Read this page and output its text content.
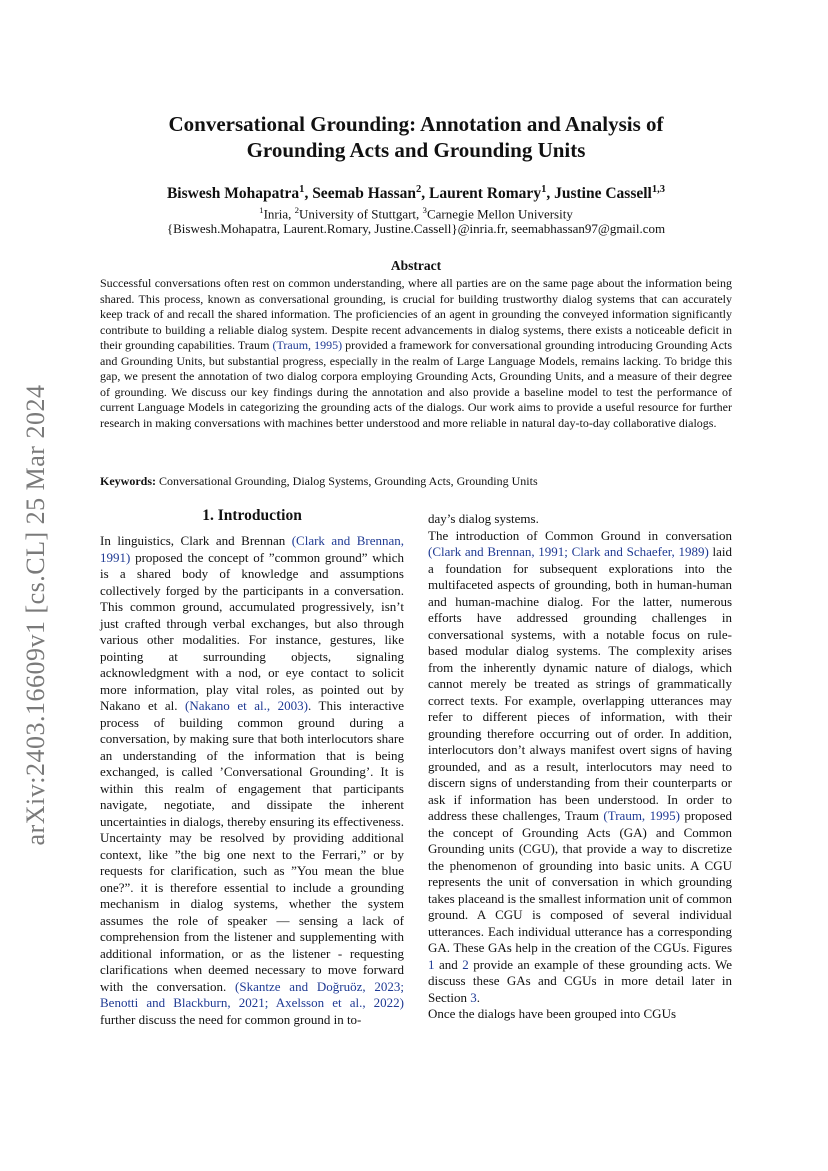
arXiv:2403.16609v1 [cs.CL] 25 Mar 2024
Conversational Grounding: Annotation and Analysis of
Grounding Acts and Grounding Units
Biswesh Mohapatra$^1$, Seemab Hassan$^2$, Laurent Romary$^1$, Justine Cassell$^{1,3}$
$^1$Inria, $^2$University of Stuttgart, $^3$Carnegie Mellon University
{Biswesh.Mohapatra, Laurent.Romary, Justine.Cassell}@inria.fr, seemabhassan97@gmail.com
Abstract
Successful conversations often rest on common understanding, where all parties are on the same page about the information being shared. This process, known as conversational grounding, is crucial for building trustworthy dialog systems that can accurately keep track of and recall the shared information. The proficiencies of an agent in grounding the conveyed information significantly contribute to building a reliable dialog system. Despite recent advancements in dialog systems, there exists a noticeable deficit in their grounding capabilities. Traum (Traum, 1995) provided a framework for conversational grounding introducing Grounding Acts and Grounding Units, but substantial progress, especially in the realm of Large Language Models, remains lacking. To bridge this gap, we present the annotation of two dialog corpora employing Grounding Acts, Grounding Units, and a measure of their degree of grounding. We discuss our key findings during the annotation and also provide a baseline model to test the performance of current Language Models in categorizing the grounding acts of the dialogs. Our work aims to provide a useful resource for further research in making conversations with machines better understood and more reliable in natural day-to-day collaborative dialogs.
Keywords: Conversational Grounding, Dialog Systems, Grounding Acts, Grounding Units
1. Introduction

In linguistics, Clark and Brennan (Clark and Brennan, 1991) proposed the concept of ”common ground” which is a shared body of knowledge and assumptions collectively forged by the participants in a conversation. This common ground, accumulated progressively, isn’t just crafted through verbal exchanges, but also through various other modalities. For instance, gestures, like pointing at surrounding objects, signaling acknowledgment with a nod, or eye contact to solicit more information, play vital roles, as pointed out by Nakano et al. (Nakano et al., 2003). This interactive process of building common ground during a conversation, by making sure that both interlocutors share an understanding of the information that is being exchanged, is called ’Conversational Grounding’. It is within this realm of engagement that participants navigate, negotiate, and dissipate the inherent uncertainties in dialogs, thereby ensuring its effectiveness. Uncertainty may be resolved by providing additional context, like ”the big one next to the Ferrari,” or by requests for clarification, such as ”You mean the blue one?”. it is therefore essential to include a grounding mechanism in dialog systems, whether the system assumes the role of speaker — sensing a lack of comprehension from the listener and supplementing with additional information, or as the listener - requesting clarifications when deemed necessary to move forward with the conversation. (Skantze and Doğruöz, 2023; Benotti and Blackburn, 2021; Axelsson et al., 2022) further discuss the need for common ground in to-

day’s dialog systems.

The introduction of Common Ground in conversation (Clark and Brennan, 1991; Clark and Schaefer, 1989) laid a foundation for subsequent explorations into the multifaceted aspects of grounding, both in human-human and human-machine dialog. For the latter, numerous efforts have addressed grounding challenges in conversational systems, with a notable focus on rule-based modular dialog systems. The complexity arises from the inherently dynamic nature of dialogs, which cannot merely be treated as strings of grammatically correct texts. For example, overlapping utterances may refer to different pieces of information, with their grounding therefore occurring out of order. In addition, interlocutors don’t always manifest overt signs of having grounded, and as a result, interlocutors may need to discern signs of understanding from their counterparts or ask if information has been understood. In order to address these challenges, Traum (Traum, 1995) proposed the concept of Grounding Acts (GA) and Common Grounding units (CGU), that provide a way to discretize the phenomenon of grounding into basic units. A CGU represents the unit of conversation in which grounding takes placeand is the smallest information unit of common ground. A CGU is composed of several individual utterances. Each individual utterance has a corresponding GA. These GAs help in the creation of the CGUs. Figures 1 and 2 provide an example of these grounding acts. We discuss these GAs and CGUs in more detail later in Section 3.

Once the dialogs have been grouped into CGUs
